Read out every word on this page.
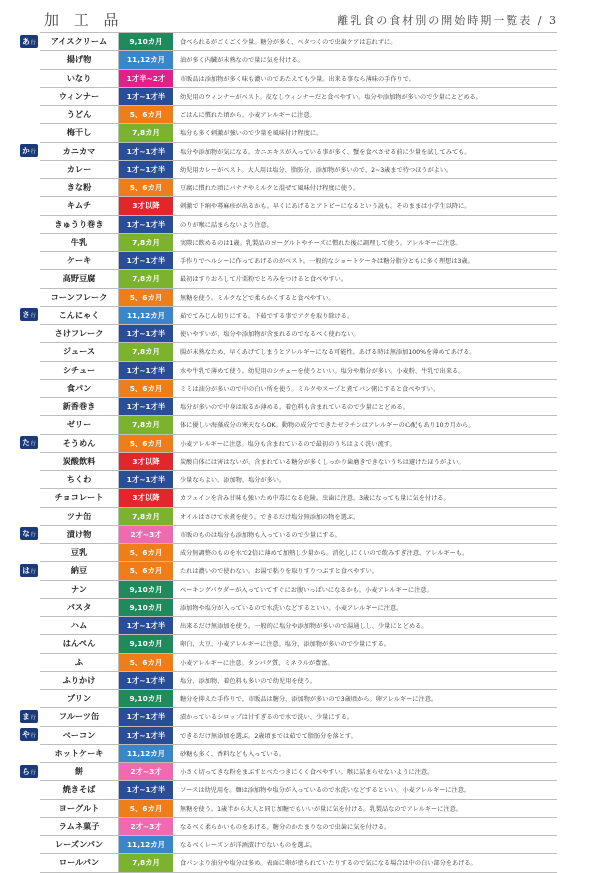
加 工 品	離乳食の食材別の開始時期一覧表 / 3
アイスクリーム	9,10カ月	食べられるがごくごく少量。糖分が多く、ベタつくので虫歯ケアは忘れずに。
揚げ物	11,12カ月	油が多く内臓が未熟なので量に気を付ける。
いなり	1才半~2才	市販品は添加物が多く味も濃いのであたえても少量。出来る事なら薄味の手作りで。
ウィンナー	1才~1才半	幼児用のウィンナーがベスト。皮なしウィンナーだと食べやすい。塩分や添加物が多いので少量にとどめる。
うどん	5、6カ月	ごはんに慣れた頃から。小麦アレルギーに注意。
梅干し	7,8カ月	塩分も多く刺激が強いので少量を風味付け程度に。
カニカマ	1才~1才半	塩分や添加物が気になる。カニエキスが入っている事が多く、蟹を食べさせる前に少量を試してみても。
カレー	1才~1才半	幼児用カレーがベスト。大人用は塩分、脂肪分、添加物が多いので、2~3歳まで待つほうがよい。
きな粉	5、6カ月	豆腐に慣れた頃にバナナやミルクと混ぜて風味付け程度に使う。
キムチ	3才以降	刺激で下痢や蕁麻疹が出るかも。早くにあげるとアトピーになるという説も。そのままは小学生以降に。
きゅうり巻き	1才~1才半	のりが喉に詰まらないよう注意。
牛乳	7,8カ月	実際に飲めるのは1歳。乳製品のヨーグルトやチーズに慣れた後に調理して使う。アレルギーに注意。
ケーキ	1才~1才半	手作りでヘルシーに作ってあげるのがベスト。一般的なショートケーキは糖分脂分ともに多く理想は3歳。
高野豆腐	7,8カ月	最初はすりおろして片栗粉でとろみをつけると食べやすい。
コーンフレーク	5、6カ月	無糖を使う。ミルクなどで柔らかくすると食べやすい。
こんにゃく	11,12カ月	茹でてみじん切りにする。下茹でする事でアクを取り除ける。
さけフレーク	1才~1才半	使いやすいが、塩分や添加物が含まれるのでなるべく使わない。
ジュース	7,8カ月	腸が未熟なため、早くあげてしまうとアレルギーになる可能性。あげる時は無添加100%を薄めてあげる。
シチュー	1才~1才半	水や牛乳で薄めて使う。幼児用のシチューを使うといい。塩分や脂分が多い。小麦粉、牛乳で出来る。
食パン	5、6カ月	ミミは油分が多いので中の白い所を使う。ミルクやスープと煮てパン粥にすると食べやすい。
新香巻き	1才~1才半	塩分が多いので中身は取るか薄める。着色料も含まれているので少量にとどめる。
ゼリー	7,8カ月	体に優しい海藻成分の寒天ならOK。動物の成分でできたゼラチンはアレルギーの心配もあり10カ月から。
そうめん	5、6カ月	小麦アレルギーに注意。塩分も含まれているので最初のうちはよく洗い流す。
炭酸飲料	3才以降	炭酸自体には害はないが、含まれている糖分が多くしっかり歯磨きできないうちは避けたほうがよい。
ちくわ	1才~1才半	少量ならよい。添加物、塩分が多い。
チョコレート	3才以降	カフェインを含み甘味も強いため中毒になる危険。虫歯に注意。3歳になっても量に気を付ける。
ツナ缶	7,8カ月	オイルはさけて水煮を使う。できるだけ塩分無添加の物を選ぶ。
漬け物	2才~3才	市販のものは塩分も添加物も入っているので少量にする。
豆乳	5、6カ月	成分無調整のものを水で2倍に薄めて加熱し少量から。消化しにくいので飲みすぎ注意。アレルギーも。
納豆	5、6カ月	たれは濃いので使わない。お湯で粘りを取りすりつぶすと食べやすい。
ナン	9,10カ月	ベーキングパウダーが入っていてすぐにお腹いっぱいになるかも。小麦アレルギーに注意。
パスタ	9,10カ月	添加物や塩分が入っているので水洗いなどするといい。小麦アレルギーに注意。
ハム	1才~1才半	出来るだけ無添加を使う。一般的に塩分や添加物が多いので湯通しし、少量にとどめる。
はんぺん	9,10カ月	卵白、大豆、小麦アレルギーに注意。塩分、添加物が多いので少量にする。
ふ	5、6カ月	小麦アレルギーに注意。タンパク質、ミネラルが豊富。
ふりかけ	1才~1才半	塩分、添加物、着色料も多いので幼児用を使う。
プリン	9,10カ月	糖分を抑えた手作りで。市販品は糖分、添加物が多いので3歳頃から。卵アレルギーに注意。
フルーツ缶	1才~1才半	漬かっているシロップは甘すぎるので水で洗い、少量にする。
ベーコン	1才~1才半	できるだけ無添加を選ぶ。2歳頃までは茹でて脂肪分を落とす。
ホットケーキ	11,12カ月	砂糖も多く、香料なども入っている。
餅	2才~3才	小さく切ってきな粉をまぶすとべたつきにくく食べやすい。喉に詰まらせないように注意。
焼きそば	1才~1才半	ソースは幼児用を。麺は添加物や塩分が入っているので水洗いなどするといい。小麦アレルギーに注意。
ヨーグルト	5、6カ月	無糖を使う。1歳半から大人と同じ加糖でもいいが量に気を付ける。乳製品なのでアレルギーに注意。
ラムネ菓子	2才~3才	なるべく柔らかいものをあげる。糖分のかたまりなので虫歯に気を付ける。
レーズンパン	11,12カ月	なるべくレーズンが洋酒漬けでないものを選ぶ。
ロールパン	7,8カ月	食パンより油分や塩分は多め。表面に卵が塗られていたりするので気になる場合は中の白い部分をあげる。
あ 行
か 行
さ 行
た 行
な 行
は 行
ま 行
や 行
ら 行
